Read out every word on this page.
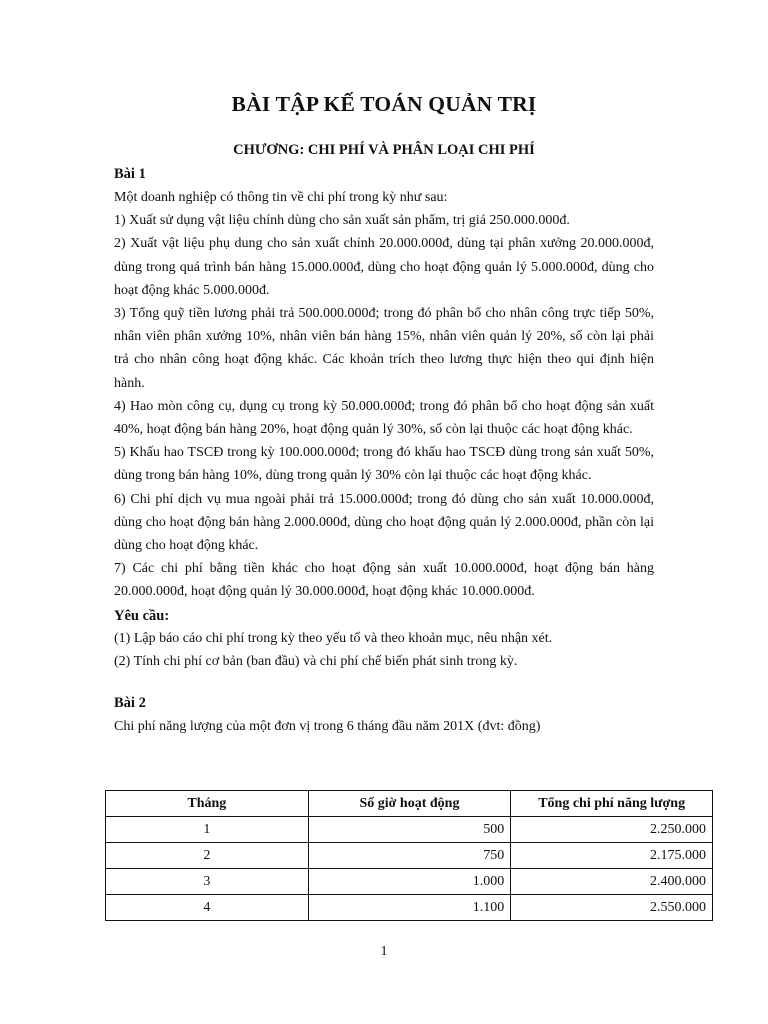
BÀI TẬP KẾ TOÁN QUẢN TRỊ
CHƯƠNG: CHI PHÍ VÀ PHÂN LOẠI CHI PHÍ
Bài 1

Một doanh nghiệp có thông tin về chi phí trong kỳ như sau:

1) Xuất sử dụng vật liệu chính dùng cho sản xuất sản phẩm, trị giá 250.000.000đ.

2) Xuất vật liệu phụ dung cho sản xuất chính 20.000.000đ, dùng tại phân xưởng 20.000.000đ, dùng trong quá trình bán hàng 15.000.000đ, dùng cho hoạt động quản lý 5.000.000đ, dùng cho hoạt động khác 5.000.000đ.

3) Tổng quỹ tiền lương phải trả 500.000.000đ; trong đó phân bổ cho nhân công trực tiếp 50%, nhân viên phân xưởng 10%, nhân viên bán hàng 15%, nhân viên quản lý 20%, số còn lại phải trả cho nhân công hoạt động khác. Các khoản trích theo lương thực hiện theo qui định hiện hành.

4) Hao mòn công cụ, dụng cụ trong kỳ 50.000.000đ; trong đó phân bổ cho hoạt động sản xuất 40%, hoạt động bán hàng 20%, hoạt động quản lý 30%, số còn lại thuộc các hoạt động khác.

5) Khấu hao TSCĐ trong kỳ 100.000.000đ; trong đó khấu hao TSCĐ dùng trong sản xuất 50%, dùng trong bán hàng 10%, dùng trong quản lý 30% còn lại thuộc các hoạt động khác.

6) Chi phí dịch vụ mua ngoài phải trả 15.000.000đ; trong đó dùng cho sản xuất 10.000.000đ, dùng cho hoạt động bán hàng 2.000.000đ, dùng cho hoạt động quản lý 2.000.000đ, phần còn lại dùng cho hoạt động khác.

7) Các chi phí bằng tiền khác cho hoạt động sản xuất 10.000.000đ, hoạt động bán hàng 20.000.000đ, hoạt động quản lý 30.000.000đ, hoạt động khác 10.000.000đ.

Yêu cầu:

(1) Lập báo cáo chi phí trong kỳ theo yếu tố và theo khoản mục, nêu nhận xét.

(2) Tính chi phí cơ bản (ban đầu) và chi phí chế biến phát sinh trong kỳ.

Bài 2

Chi phí năng lượng của một đơn vị trong 6 tháng đầu năm 201X (đvt: đồng)

Tháng	Số giờ hoạt động	Tổng chi phí năng lượng
1	500	2.250.000
2	750	2.175.000
3	1.000	2.400.000
4	1.100	2.550.000
1
